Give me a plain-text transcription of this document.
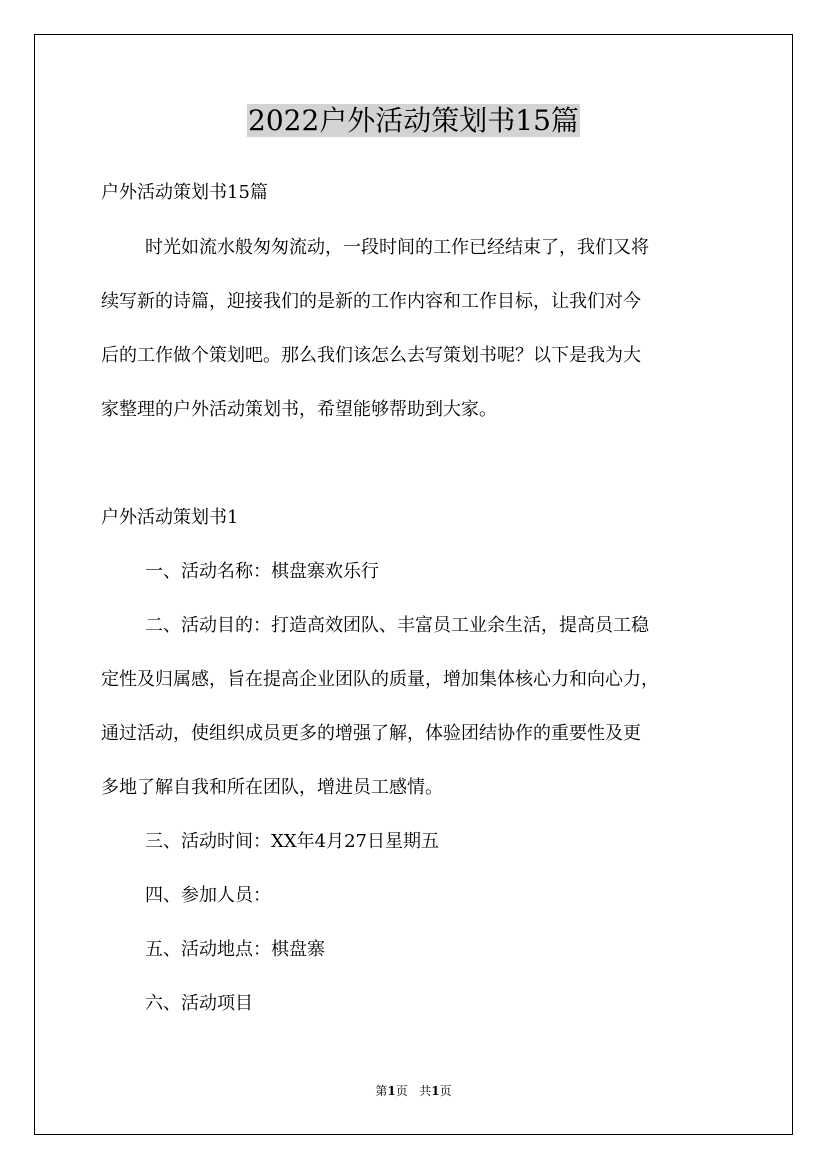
2022户外活动策划书15篇
户外活动策划书15篇
时光如流水般匆匆流动，一段时间的工作已经结束了，我们又将
续写新的诗篇，迎接我们的是新的工作内容和工作目标，让我们对今
后的工作做个策划吧。那么我们该怎么去写策划书呢？以下是我为大
家整理的户外活动策划书，希望能够帮助到大家。
户外活动策划书1
一、活动名称：棋盘寨欢乐行
二、活动目的：打造高效团队、丰富员工业余生活，提高员工稳
定性及归属感，旨在提高企业团队的质量，增加集体核心力和向心力，
通过活动，使组织成员更多的增强了解，体验团结协作的重要性及更
多地了解自我和所在团队，增进员工感情。
三、活动时间：XX年4月27日星期五
四、参加人员：
五、活动地点：棋盘寨
六、活动项目
第1页 共1页
